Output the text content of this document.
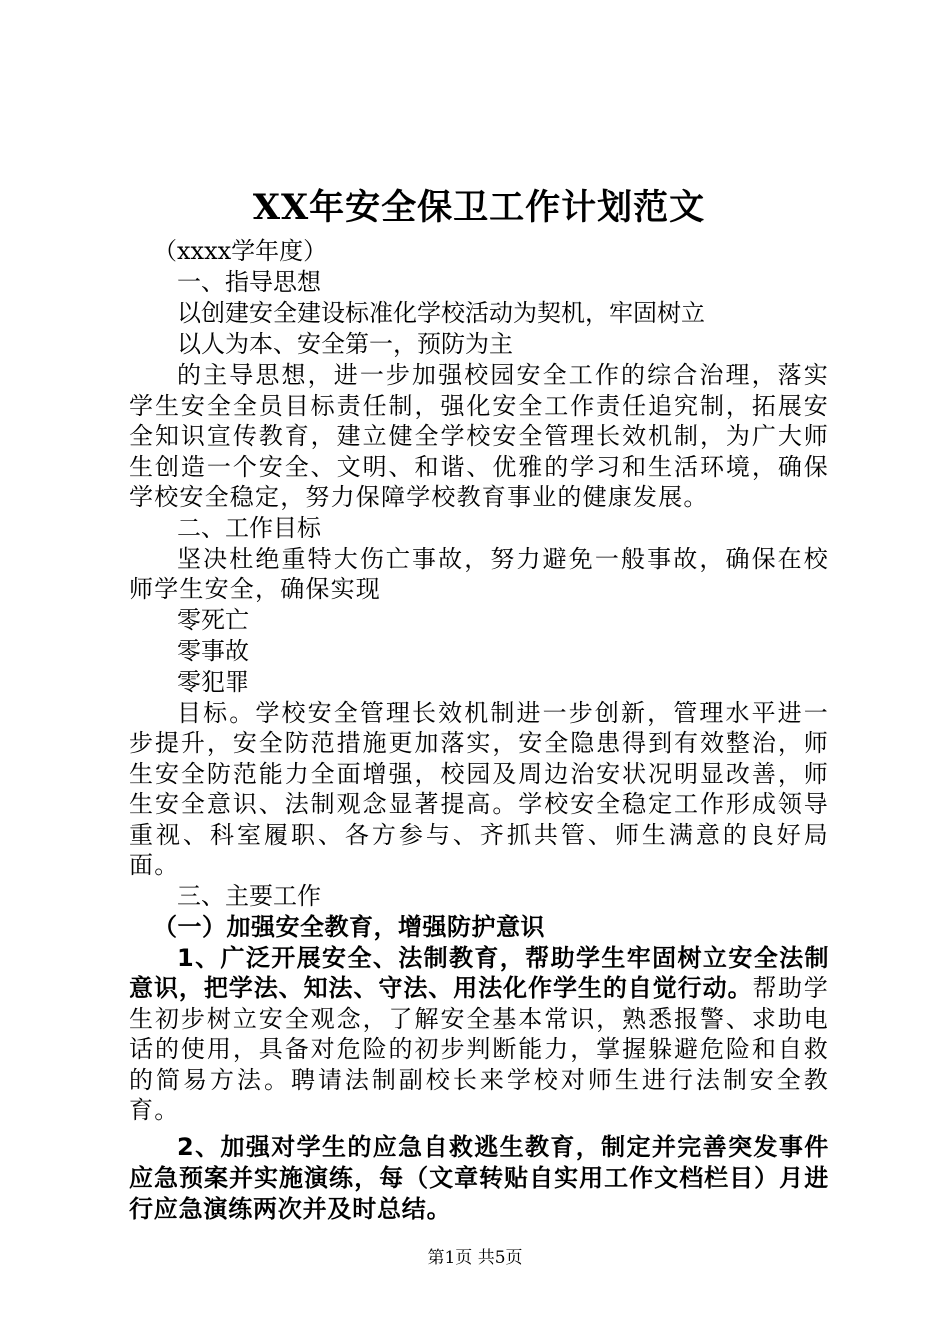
XX年安全保卫工作计划范文
（xxxx学年度）
一、指导思想
以创建安全建设标准化学校活动为契机，牢固树立
以人为本、安全第一，预防为主
的主导思想，进一步加强校园安全工作的综合治理，落实学生安全全员目标责任制，强化安全工作责任追究制，拓展安全知识宣传教育，建立健全学校安全管理长效机制，为广大师生创造一个安全、文明、和谐、优雅的学习和生活环境，确保学校安全稳定，努力保障学校教育事业的健康发展。
二、工作目标
坚决杜绝重特大伤亡事故，努力避免一般事故，确保在校师学生安全，确保实现
零死亡
零事故
零犯罪
目标。学校安全管理长效机制进一步创新，管理水平进一步提升，安全防范措施更加落实，安全隐患得到有效整治，师生安全防范能力全面增强，校园及周边治安状况明显改善，师生安全意识、法制观念显著提高。学校安全稳定工作形成领导重视、科室履职、各方参与、齐抓共管、师生满意的良好局面。
三、主要工作
（一）加强安全教育，增强防护意识
1、广泛开展安全、法制教育，帮助学生牢固树立安全法制意识，把学法、知法、守法、用法化作学生的自觉行动。帮助学生初步树立安全观念，了解安全基本常识，熟悉报警、求助电话的使用，具备对危险的初步判断能力，掌握躲避危险和自救的简易方法。聘请法制副校长来学校对师生进行法制安全教育。
2、加强对学生的应急自救逃生教育，制定并完善突发事件应急预案并实施演练，每（文章转贴自实用工作文档栏目）月进行应急演练两次并及时总结。
第1页 共5页
